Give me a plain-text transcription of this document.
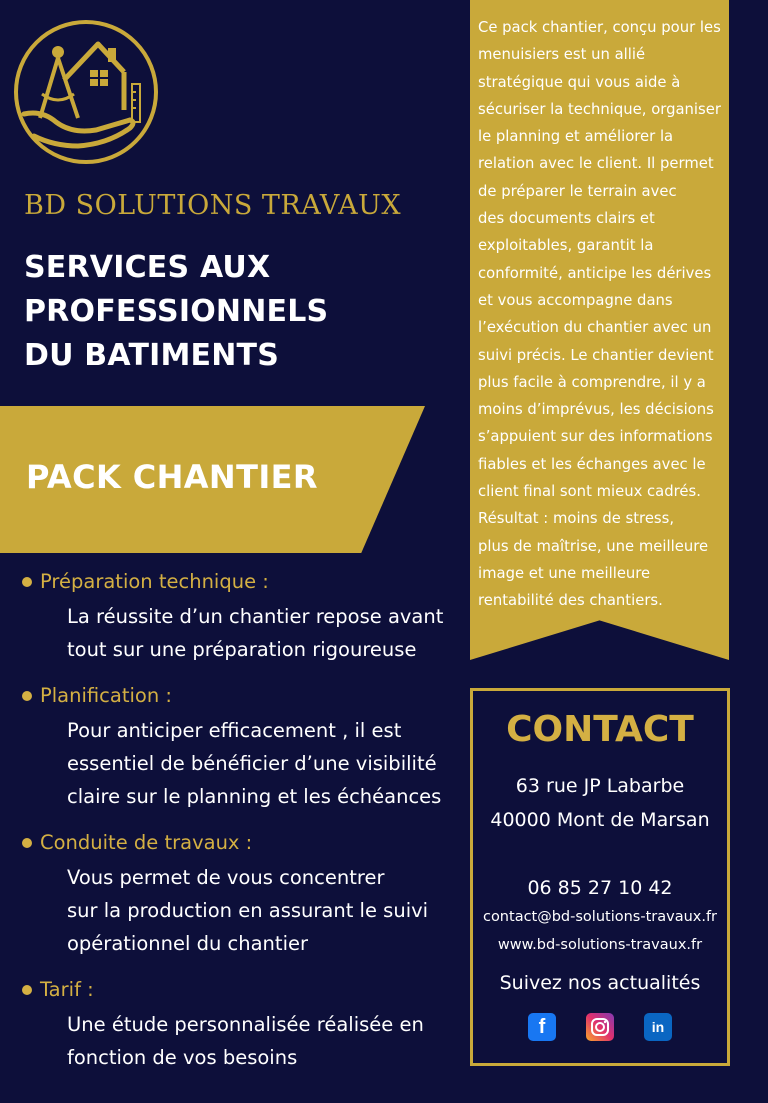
BD SOLUTIONS TRAVAUX
SERVICES AUX
PROFESSIONNELS
DU BATIMENTS
PACK CHANTIER
Préparation technique :
La réussite d’un chantier repose avant
tout sur une préparation rigoureuse
Planification :
Pour anticiper efficacement , il est
essentiel de bénéficier d’une visibilité
claire sur le planning et les échéances
Conduite de travaux :
Vous permet de vous concentrer
sur la production en assurant le suivi
opérationnel du chantier
Tarif :
Une étude personnalisée réalisée en
fonction de vos besoins
Ce pack chantier, conçu pour les
menuisiers est un allié
stratégique qui vous aide à
sécuriser la technique, organiser
le planning et améliorer la
relation avec le client. Il permet
de préparer le terrain avec
des documents clairs et
exploitables, garantit la
conformité, anticipe les dérives
et vous accompagne dans
l’exécution du chantier avec un
suivi précis. Le chantier devient
plus facile à comprendre, il y a
moins d’imprévus, les décisions
s’appuient sur des informations
fiables et les échanges avec le
client final sont mieux cadrés.
Résultat : moins de stress,
plus de maîtrise, une meilleure
image et une meilleure
rentabilité des chantiers.
CONTACT
63 rue JP Labarbe
40000 Mont de Marsan
06 85 27 10 42
contact@bd-solutions-travaux.fr
www.bd-solutions-travaux.fr
Suivez nos actualités
f	in
